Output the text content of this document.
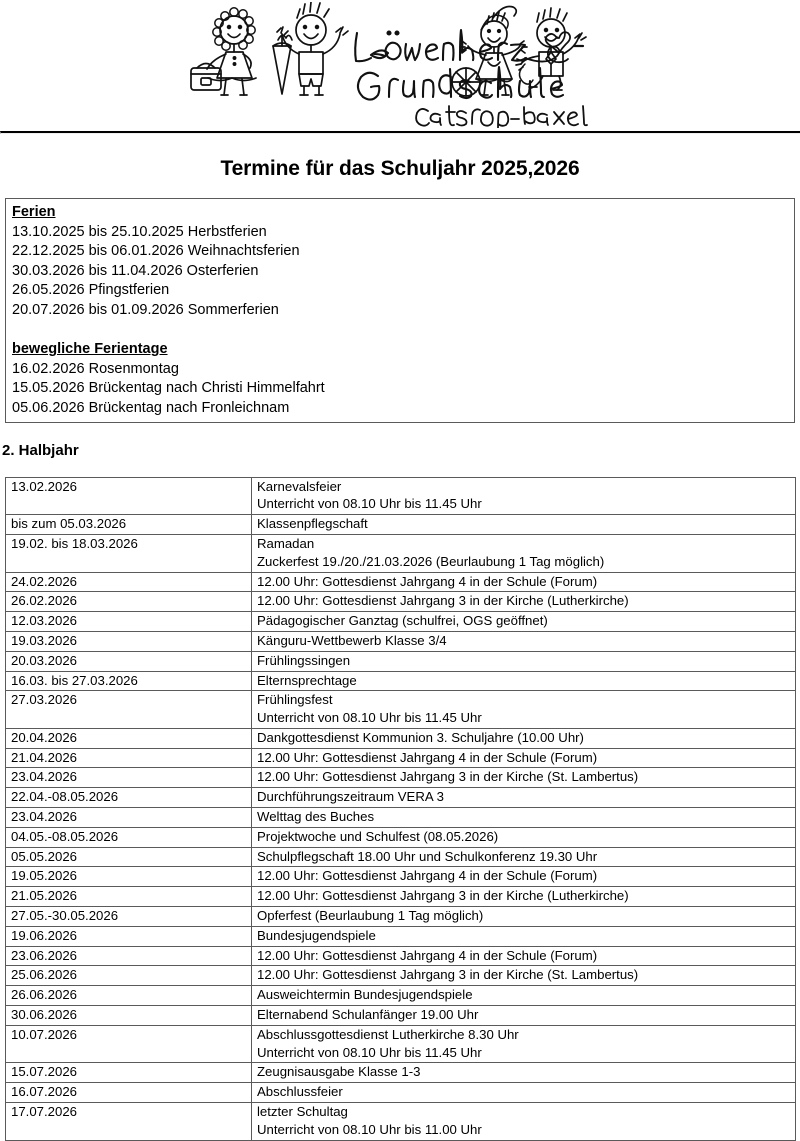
Termine für das Schuljahr 2025,2026
Ferien
13.10.2025 bis 25.10.2025 Herbstferien
22.12.2025 bis 06.01.2026 Weihnachtsferien
30.03.2026 bis 11.04.2026 Osterferien
26.05.2026 Pfingstferien
20.07.2026 bis 01.09.2026 Sommerferien
bewegliche Ferientage
16.02.2026 Rosenmontag
15.05.2026 Brückentag nach Christi Himmelfahrt
05.06.2026 Brückentag nach Fronleichnam
2. Halbjahr
13.02.2026	Karnevalsfeier
Unterricht von 08.10 Uhr bis 11.45 Uhr

bis zum 05.03.2026	Klassenpflegschaft

19.02. bis 18.03.2026	Ramadan
Zuckerfest 19./20./21.03.2026 (Beurlaubung 1 Tag möglich)

24.02.2026	12.00 Uhr: Gottesdienst Jahrgang 4 in der Schule (Forum)

26.02.2026	12.00 Uhr: Gottesdienst Jahrgang 3 in der Kirche (Lutherkirche)

12.03.2026	Pädagogischer Ganztag (schulfrei, OGS geöffnet)

19.03.2026	Känguru-Wettbewerb Klasse 3/4

20.03.2026	Frühlingssingen

16.03. bis 27.03.2026	Elternsprechtage

27.03.2026	Frühlingsfest
Unterricht von 08.10 Uhr bis 11.45 Uhr

20.04.2026	Dankgottesdienst Kommunion 3. Schuljahre (10.00 Uhr)

21.04.2026	12.00 Uhr: Gottesdienst Jahrgang 4 in der Schule (Forum)

23.04.2026	12.00 Uhr: Gottesdienst Jahrgang 3 in der Kirche (St. Lambertus)

22.04.-08.05.2026	Durchführungszeitraum VERA 3

23.04.2026	Welttag des Buches

04.05.-08.05.2026	Projektwoche und Schulfest (08.05.2026)

05.05.2026	Schulpflegschaft 18.00 Uhr und Schulkonferenz 19.30 Uhr

19.05.2026	12.00 Uhr: Gottesdienst Jahrgang 4 in der Schule (Forum)

21.05.2026	12.00 Uhr: Gottesdienst Jahrgang 3 in der Kirche (Lutherkirche)

27.05.-30.05.2026	Opferfest (Beurlaubung 1 Tag möglich)

19.06.2026	Bundesjugendspiele

23.06.2026	12.00 Uhr: Gottesdienst Jahrgang 4 in der Schule (Forum)

25.06.2026	12.00 Uhr: Gottesdienst Jahrgang 3 in der Kirche (St. Lambertus)

26.06.2026	Ausweichtermin Bundesjugendspiele

30.06.2026	Elternabend Schulanfänger 19.00 Uhr

10.07.2026	Abschlussgottesdienst Lutherkirche 8.30 Uhr
Unterricht von 08.10 Uhr bis 11.45 Uhr

15.07.2026	Zeugnisausgabe Klasse 1-3

16.07.2026	Abschlussfeier

17.07.2026	letzter Schultag
Unterricht von 08.10 Uhr bis 11.00 Uhr
